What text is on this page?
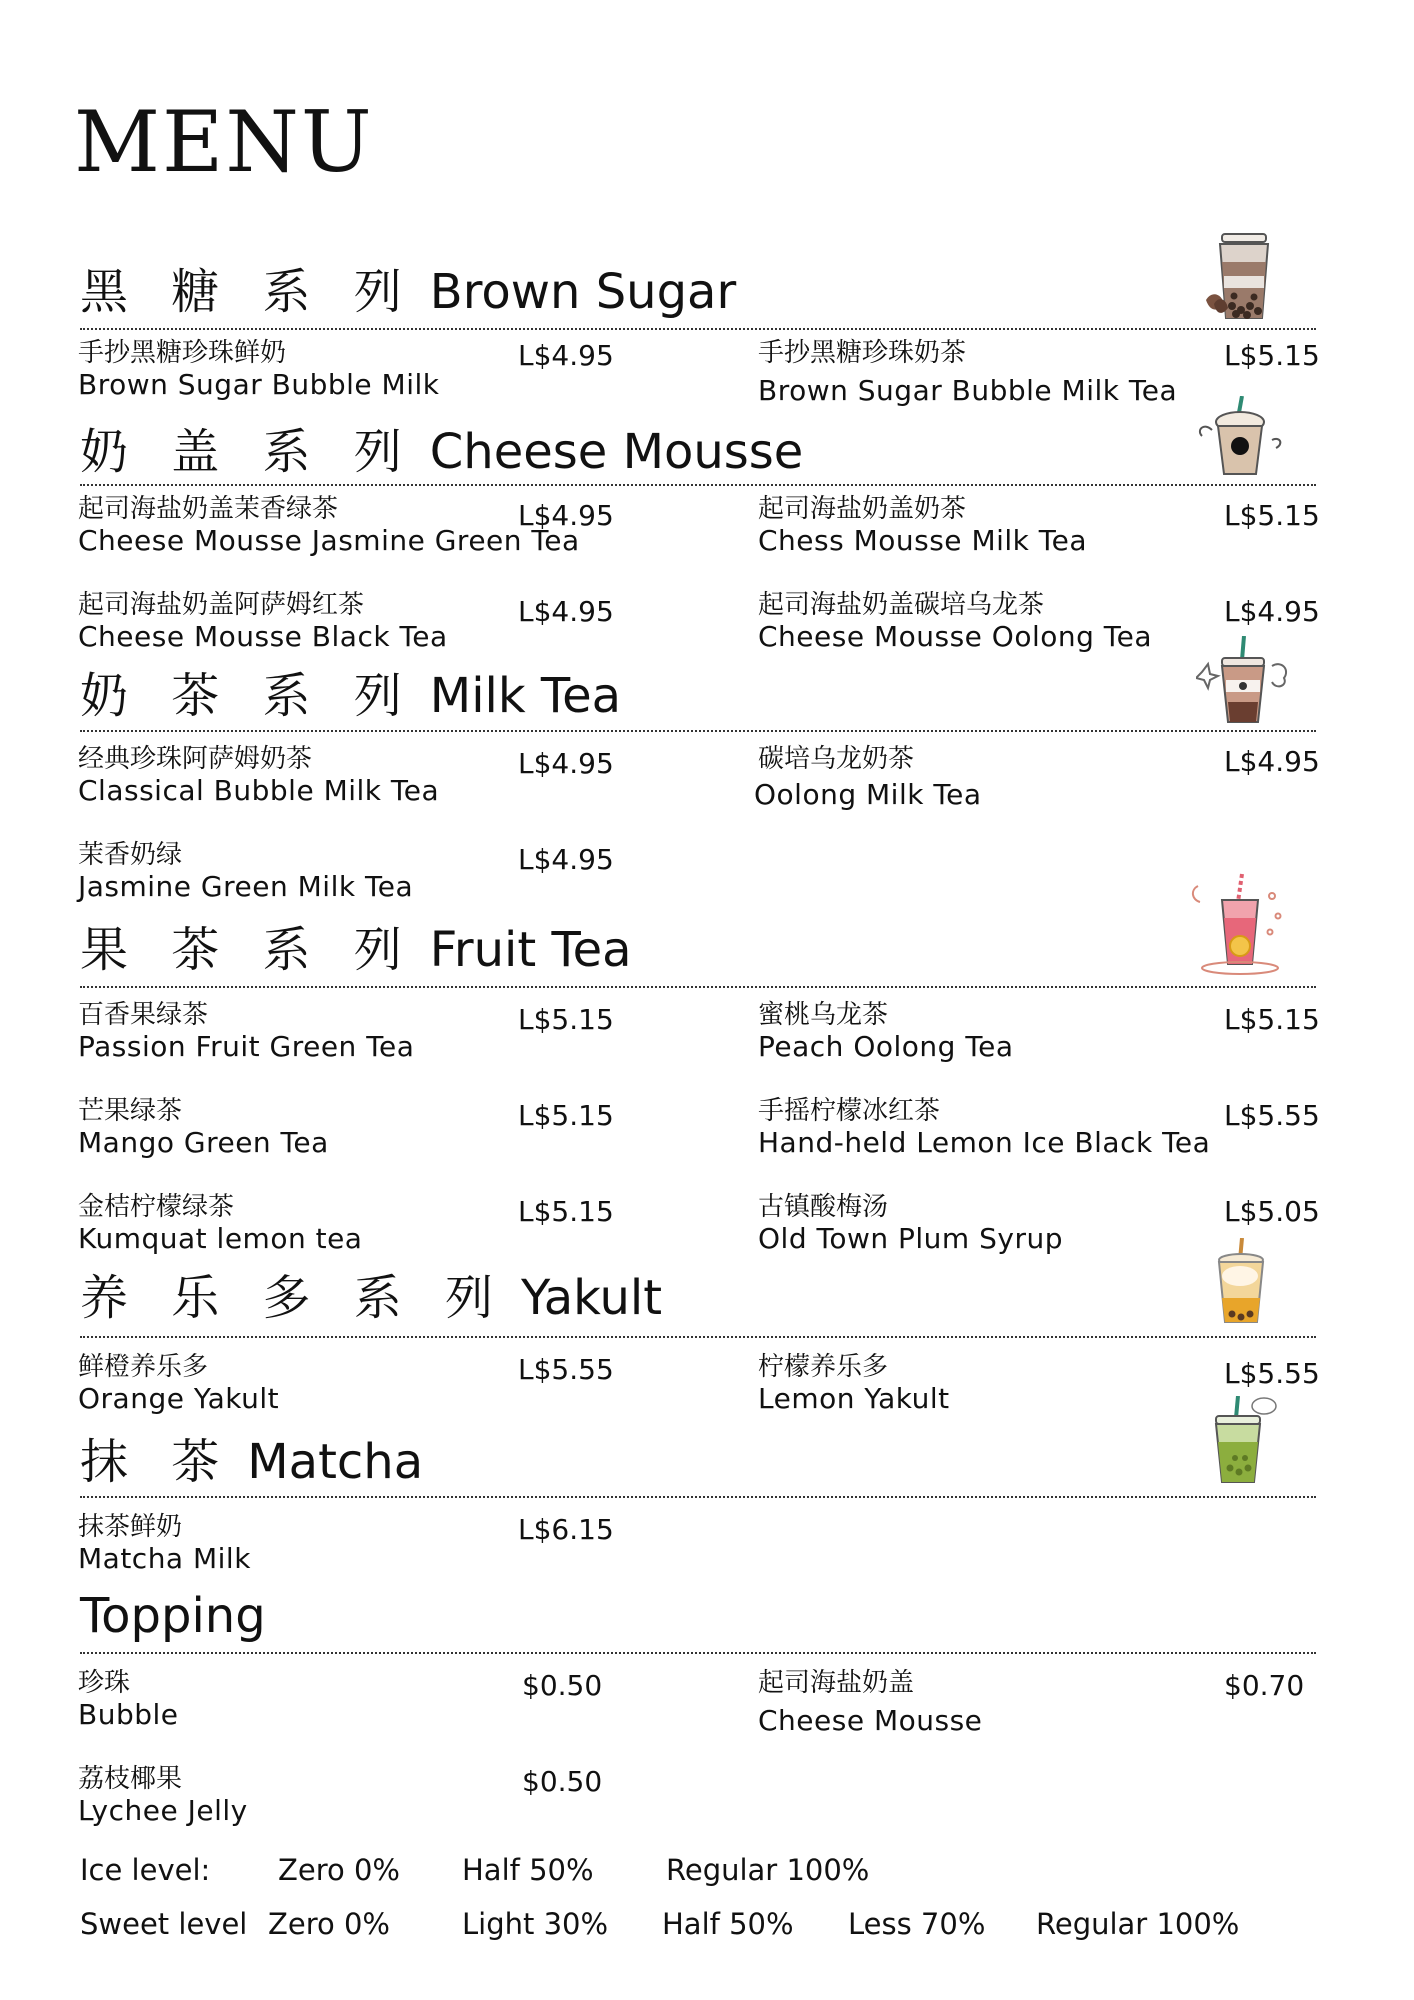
MENU
黑 糖 系 列 Brown Sugar
手抄黑糖珍珠鲜奶
Brown Sugar Bubble Milk
L$4.95	手抄黑糖珍珠奶茶
Brown Sugar Bubble Milk Tea
L$5.15
奶 盖 系 列 Cheese Mousse
起司海盐奶盖茉香绿茶
Cheese Mousse Jasmine Green Tea
L$4.95	起司海盐奶盖奶茶
Chess Mousse Milk Tea
L$5.15
起司海盐奶盖阿萨姆红茶
Cheese Mousse Black Tea
L$4.95	起司海盐奶盖碳培乌龙茶
Cheese Mousse Oolong Tea
L$4.95
奶 茶 系 列 Milk Tea
经典珍珠阿萨姆奶茶
Classical Bubble Milk Tea
L$4.95	碳培乌龙奶茶
Oolong Milk Tea
L$4.95
茉香奶绿
Jasmine Green Milk Tea
L$4.95
果 茶 系 列 Fruit Tea
百香果绿茶
Passion Fruit Green Tea
L$5.15	蜜桃乌龙茶
Peach Oolong Tea
L$5.15
芒果绿茶
Mango Green Tea
L$5.15	手摇柠檬冰红茶
Hand-held Lemon Ice Black Tea
L$5.55
金桔柠檬绿茶
Kumquat lemon tea
L$5.15	古镇酸梅汤
Old Town Plum Syrup
L$5.05
养 乐 多 系 列 Yakult
鲜橙养乐多
Orange Yakult
L$5.55	柠檬养乐多
Lemon Yakult
L$5.55
抹 茶 Matcha
抹茶鲜奶
Matcha Milk
L$6.15
Topping
珍珠
Bubble
$0.50	起司海盐奶盖
Cheese Mousse
$0.70
荔枝椰果
Lychee Jelly
$0.50
Ice level: Zero 0% Half 50% Regular 100%
Sweet level Zero 0% Light 30% Half 50% Less 70% Regular 100%
